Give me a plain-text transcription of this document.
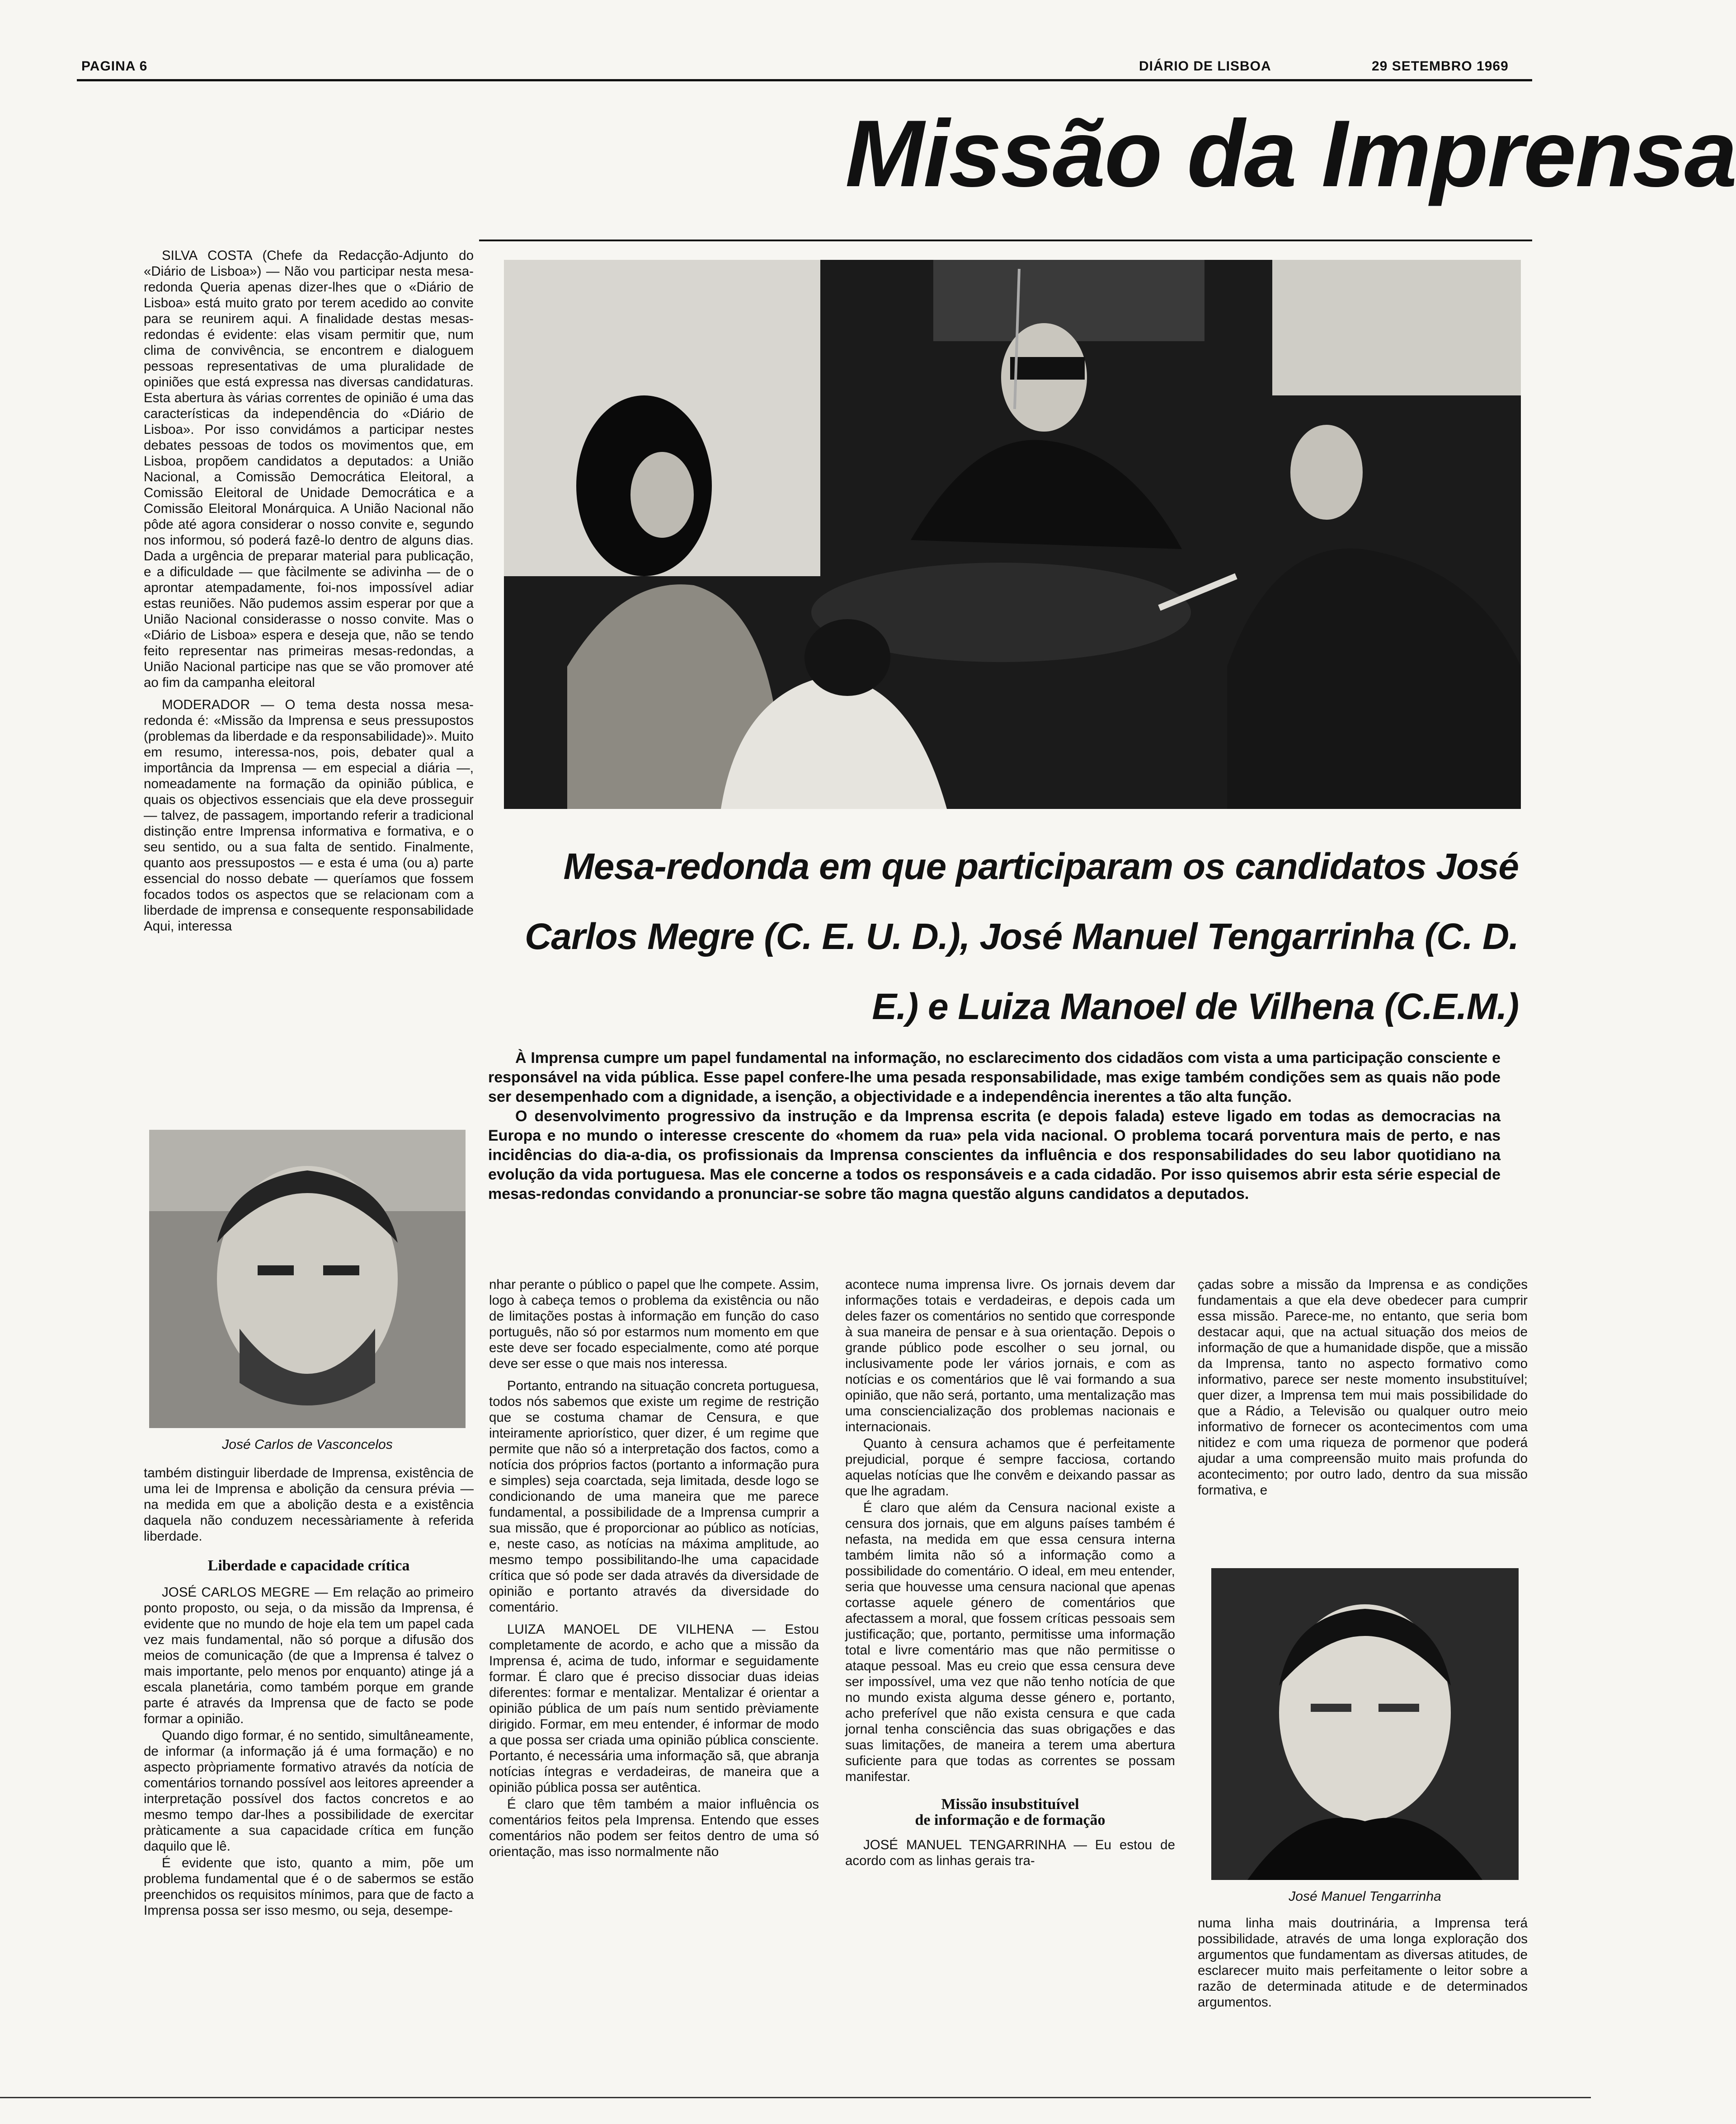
PAGINA 6	DIÁRIO DE LISBOA	29 SETEMBRO 1969
Missão da Imprensa

SILVA COSTA (Chefe da Redacção-Adjunto do «Diário de Lisboa») — Não vou participar nesta mesa-redonda Queria apenas dizer-lhes que o «Diário de Lisboa» está muito grato por terem acedido ao convite para se reunirem aqui. A finalidade destas mesas-redondas é evidente: elas visam permitir que, num clima de convivência, se encontrem e dialoguem pessoas representativas de uma pluralidade de opiniões que está expressa nas diversas candidaturas. Esta abertura às várias correntes de opinião é uma das características da independência do «Diário de Lisboa». Por isso convidámos a participar nestes debates pessoas de todos os movimentos que, em Lisboa, propõem candidatos a deputados: a União Nacional, a Comissão Democrática Eleitoral, a Comissão Eleitoral de Unidade Democrática e a Comissão Eleitoral Monárquica. A União Nacional não pôde até agora considerar o nosso convite e, segundo nos informou, só poderá fazê-lo dentro de alguns dias. Dada a urgência de preparar material para publicação, e a dificuldade — que fàcilmente se adivinha — de o aprontar atempadamente, foi-nos impossível adiar estas reuniões. Não pudemos assim esperar por que a União Nacional considerasse o nosso convite. Mas o «Diário de Lisboa» espera e deseja que, não se tendo feito representar nas primeiras mesas-redondas, a União Nacional participe nas que se vão promover até ao fim da campanha eleitoral

MODERADOR — O tema desta nossa mesa-redonda é: «Missão da Imprensa e seus pressupostos (problemas da liberdade e da responsabilidade)». Muito em resumo, interessa-nos, pois, debater qual a importância da Imprensa — em especial a diária —, nomeadamente na formação da opinião pública, e quais os objectivos essenciais que ela deve prosseguir — talvez, de passagem, importando referir a tradicional distinção entre Imprensa informativa e formativa, e o seu sentido, ou a sua falta de sentido. Finalmente, quanto aos pressupostos — e esta é uma (ou a) parte essencial do nosso debate — queríamos que fossem focados todos os aspectos que se relacionam com a liberdade de imprensa e consequente responsabilidade Aqui, interessa

Mesa-redonda em que participaram os candidatos José Carlos Megre (C. E. U. D.), José Manuel Tengarrinha (C. D. E.) e Luiza Manoel de Vilhena (C.E.M.)

À Imprensa cumpre um papel fundamental na informação, no esclarecimento dos cidadãos com vista a uma participação consciente e responsável na vida pública. Esse papel confere-lhe uma pesada responsabilidade, mas exige também condições sem as quais não pode ser desempenhado com a dignidade, a isenção, a objectividade e a independência inerentes a tão alta função.

O desenvolvimento progressivo da instrução e da Imprensa escrita (e depois falada) esteve ligado em todas as democracias na Europa e no mundo o interesse crescente do «homem da rua» pela vida nacional. O problema tocará porventura mais de perto, e nas incidências do dia-a-dia, os profissionais da Imprensa conscientes da influência e dos responsabilidades do seu labor quotidiano na evolução da vida portuguesa. Mas ele concerne a todos os responsáveis e a cada cidadão. Por isso quisemos abrir esta série especial de mesas-redondas convidando a pronunciar-se sobre tão magna questão alguns candidatos a deputados.

José Carlos de Vasconcelos

também distinguir liberdade de Imprensa, existência de uma lei de Imprensa e abolição da censura prévia — na medida em que a abolição desta e a existência daquela não conduzem necessàriamente à referida liberdade.

Liberdade e capacidade crítica

JOSÉ CARLOS MEGRE — Em relação ao primeiro ponto proposto, ou seja, o da missão da Imprensa, é evidente que no mundo de hoje ela tem um papel cada vez mais fundamental, não só porque a difusão dos meios de comunicação (de que a Imprensa é talvez o mais importante, pelo menos por enquanto) atinge já a escala planetária, como também porque em grande parte é através da Imprensa que de facto se pode formar a opinião.

Quando digo formar, é no sentido, simultâneamente, de informar (a informação já é uma formação) e no aspecto pròpriamente formativo através da notícia de comentários tornando possível aos leitores apreender a interpretação possível dos factos concretos e ao mesmo tempo dar-lhes a possibilidade de exercitar pràticamente a sua capacidade crítica em função daquilo que lê.

É evidente que isto, quanto a mim, põe um problema fundamental que é o de sabermos se estão preenchidos os requisitos mínimos, para que de facto a Imprensa possa ser isso mesmo, ou seja, desempe-

nhar perante o público o papel que lhe compete. Assim, logo à cabeça temos o problema da existência ou não de limitações postas à informação em função do caso português, não só por estarmos num momento em que este deve ser focado especialmente, como até porque deve ser esse o que mais nos interessa.

Portanto, entrando na situação concreta portuguesa, todos nós sabemos que existe um regime de restrição que se costuma chamar de Censura, e que inteiramente apriorístico, quer dizer, é um regime que permite que não só a interpretação dos factos, como a notícia dos próprios factos (portanto a informação pura e simples) seja coarctada, seja limitada, desde logo se condicionando de uma maneira que me parece fundamental, a possibilidade de a Imprensa cumprir a sua missão, que é proporcionar ao público as notícias, e, neste caso, as notícias na máxima amplitude, ao mesmo tempo possibilitando-lhe uma capacidade crítica que só pode ser dada através da diversidade de opinião e portanto através da diversidade do comentário.

LUIZA MANOEL DE VILHENA — Estou completamente de acordo, e acho que a missão da Imprensa é, acima de tudo, informar e seguidamente formar. É claro que é preciso dissociar duas ideias diferentes: formar e mentalizar. Mentalizar é orientar a opinião pública de um país num sentido prèviamente dirigido. Formar, em meu entender, é informar de modo a que possa ser criada uma opinião pública consciente. Portanto, é necessária uma informação sã, que abranja notícias íntegras e verdadeiras, de maneira que a opinião pública possa ser autêntica.

É claro que têm também a maior influência os comentários feitos pela Imprensa. Entendo que esses comentários não podem ser feitos dentro de uma só orientação, mas isso normalmente não

acontece numa imprensa livre. Os jornais devem dar informações totais e verdadeiras, e depois cada um deles fazer os comentários no sentido que corresponde à sua maneira de pensar e à sua orientação. Depois o grande público pode escolher o seu jornal, ou inclusivamente pode ler vários jornais, e com as notícias e os comentários que lê vai formando a sua opinião, que não será, portanto, uma mentalização mas uma consciencialização dos problemas nacionais e internacionais.

Quanto à censura achamos que é perfeitamente prejudicial, porque é sempre facciosa, cortando aquelas notícias que lhe convêm e deixando passar as que lhe agradam.

É claro que além da Censura nacional existe a censura dos jornais, que em alguns países também é nefasta, na medida em que essa censura interna também limita não só a informação como a possibilidade do comentário. O ideal, em meu entender, seria que houvesse uma censura nacional que apenas cortasse aquele género de comentários que afectassem a moral, que fossem críticas pessoais sem justificação; que, portanto, permitisse uma informação total e livre comentário mas que não permitisse o ataque pessoal. Mas eu creio que essa censura deve ser impossível, uma vez que não tenho notícia de que no mundo exista alguma desse género e, portanto, acho preferível que não exista censura e que cada jornal tenha consciência das suas obrigações e das suas limitações, de maneira a terem uma abertura suficiente para que todas as correntes se possam manifestar.

Missão insubstituível
de informação e de formação

JOSÉ MANUEL TENGARRINHA — Eu estou de acordo com as linhas gerais tra-

çadas sobre a missão da Imprensa e as condições fundamentais a que ela deve obedecer para cumprir essa missão. Parece-me, no entanto, que seria bom destacar aqui, que na actual situação dos meios de informação de que a humanidade dispõe, que a missão da Imprensa, tanto no aspecto formativo como informativo, parece ser neste momento insubstituível; quer dizer, a Imprensa tem mui mais possibilidade do que a Rádio, a Televisão ou qualquer outro meio informativo de fornecer os acontecimentos com uma nitidez e com uma riqueza de pormenor que poderá ajudar a uma compreensão muito mais profunda do acontecimento; por outro lado, dentro da sua missão formativa, e

José Manuel Tengarrinha

numa linha mais doutrinária, a Imprensa terá possibilidade, através de uma longa exploração dos argumentos que fundamentam as diversas atitudes, de esclarecer muito mais perfeitamente o leitor sobre a razão de determinada atitude e de determinados argumentos.
